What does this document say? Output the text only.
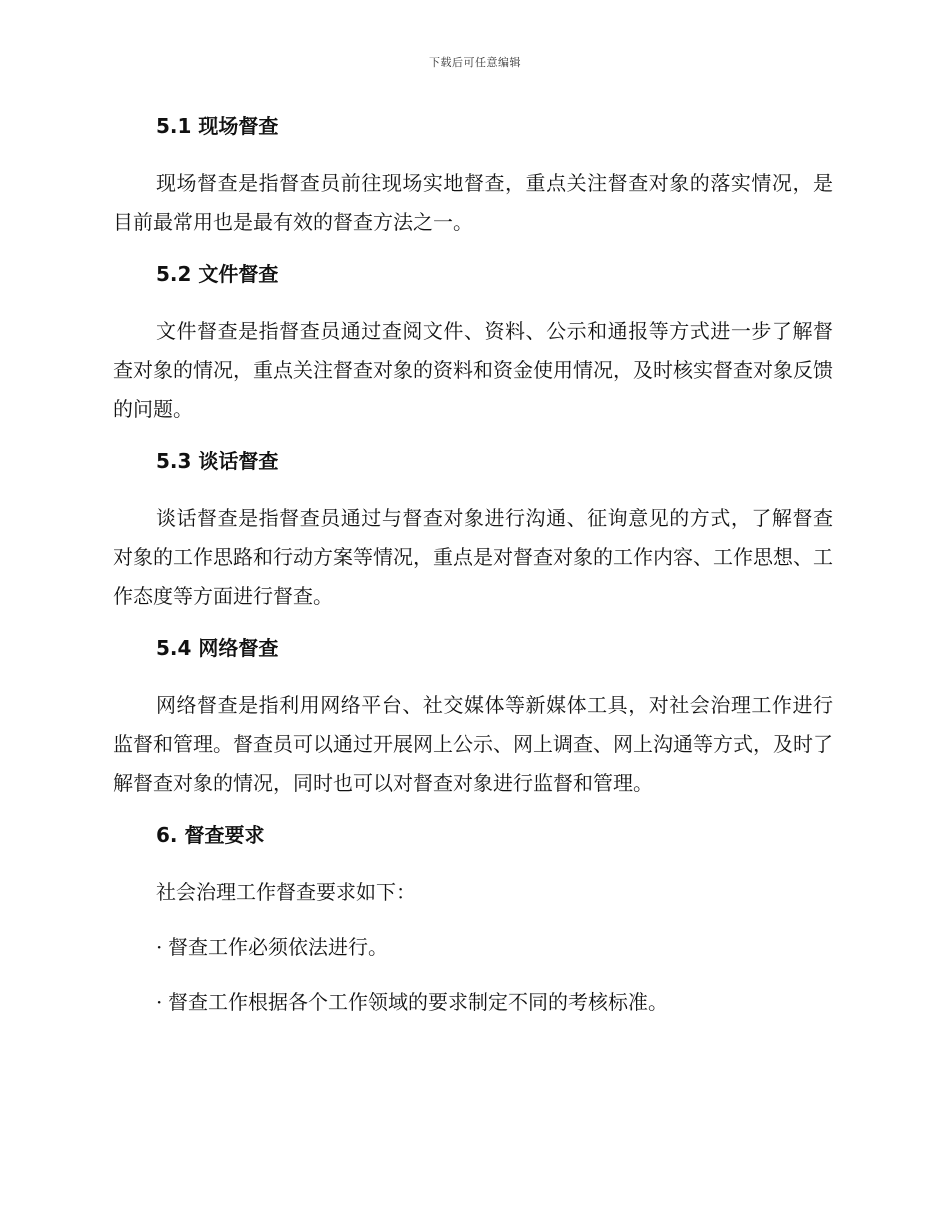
下载后可任意编辑
5.1 现场督查

现场督查是指督查员前往现场实地督查，重点关注督查对象的落实情况，是目前最常用也是最有效的督查方法之一。

5.2 文件督查

文件督查是指督查员通过查阅文件、资料、公示和通报等方式进一步了解督查对象的情况，重点关注督查对象的资料和资金使用情况，及时核实督查对象反馈的问题。

5.3 谈话督查

谈话督查是指督查员通过与督查对象进行沟通、征询意见的方式，了解督查对象的工作思路和行动方案等情况，重点是对督查对象的工作内容、工作思想、工作态度等方面进行督查。

5.4 网络督查

网络督查是指利用网络平台、社交媒体等新媒体工具，对社会治理工作进行监督和管理。督查员可以通过开展网上公示、网上调查、网上沟通等方式，及时了解督查对象的情况，同时也可以对督查对象进行监督和管理。

6. 督查要求

社会治理工作督查要求如下：

· 督查工作必须依法进行。
· 督查工作根据各个工作领域的要求制定不同的考核标准。
